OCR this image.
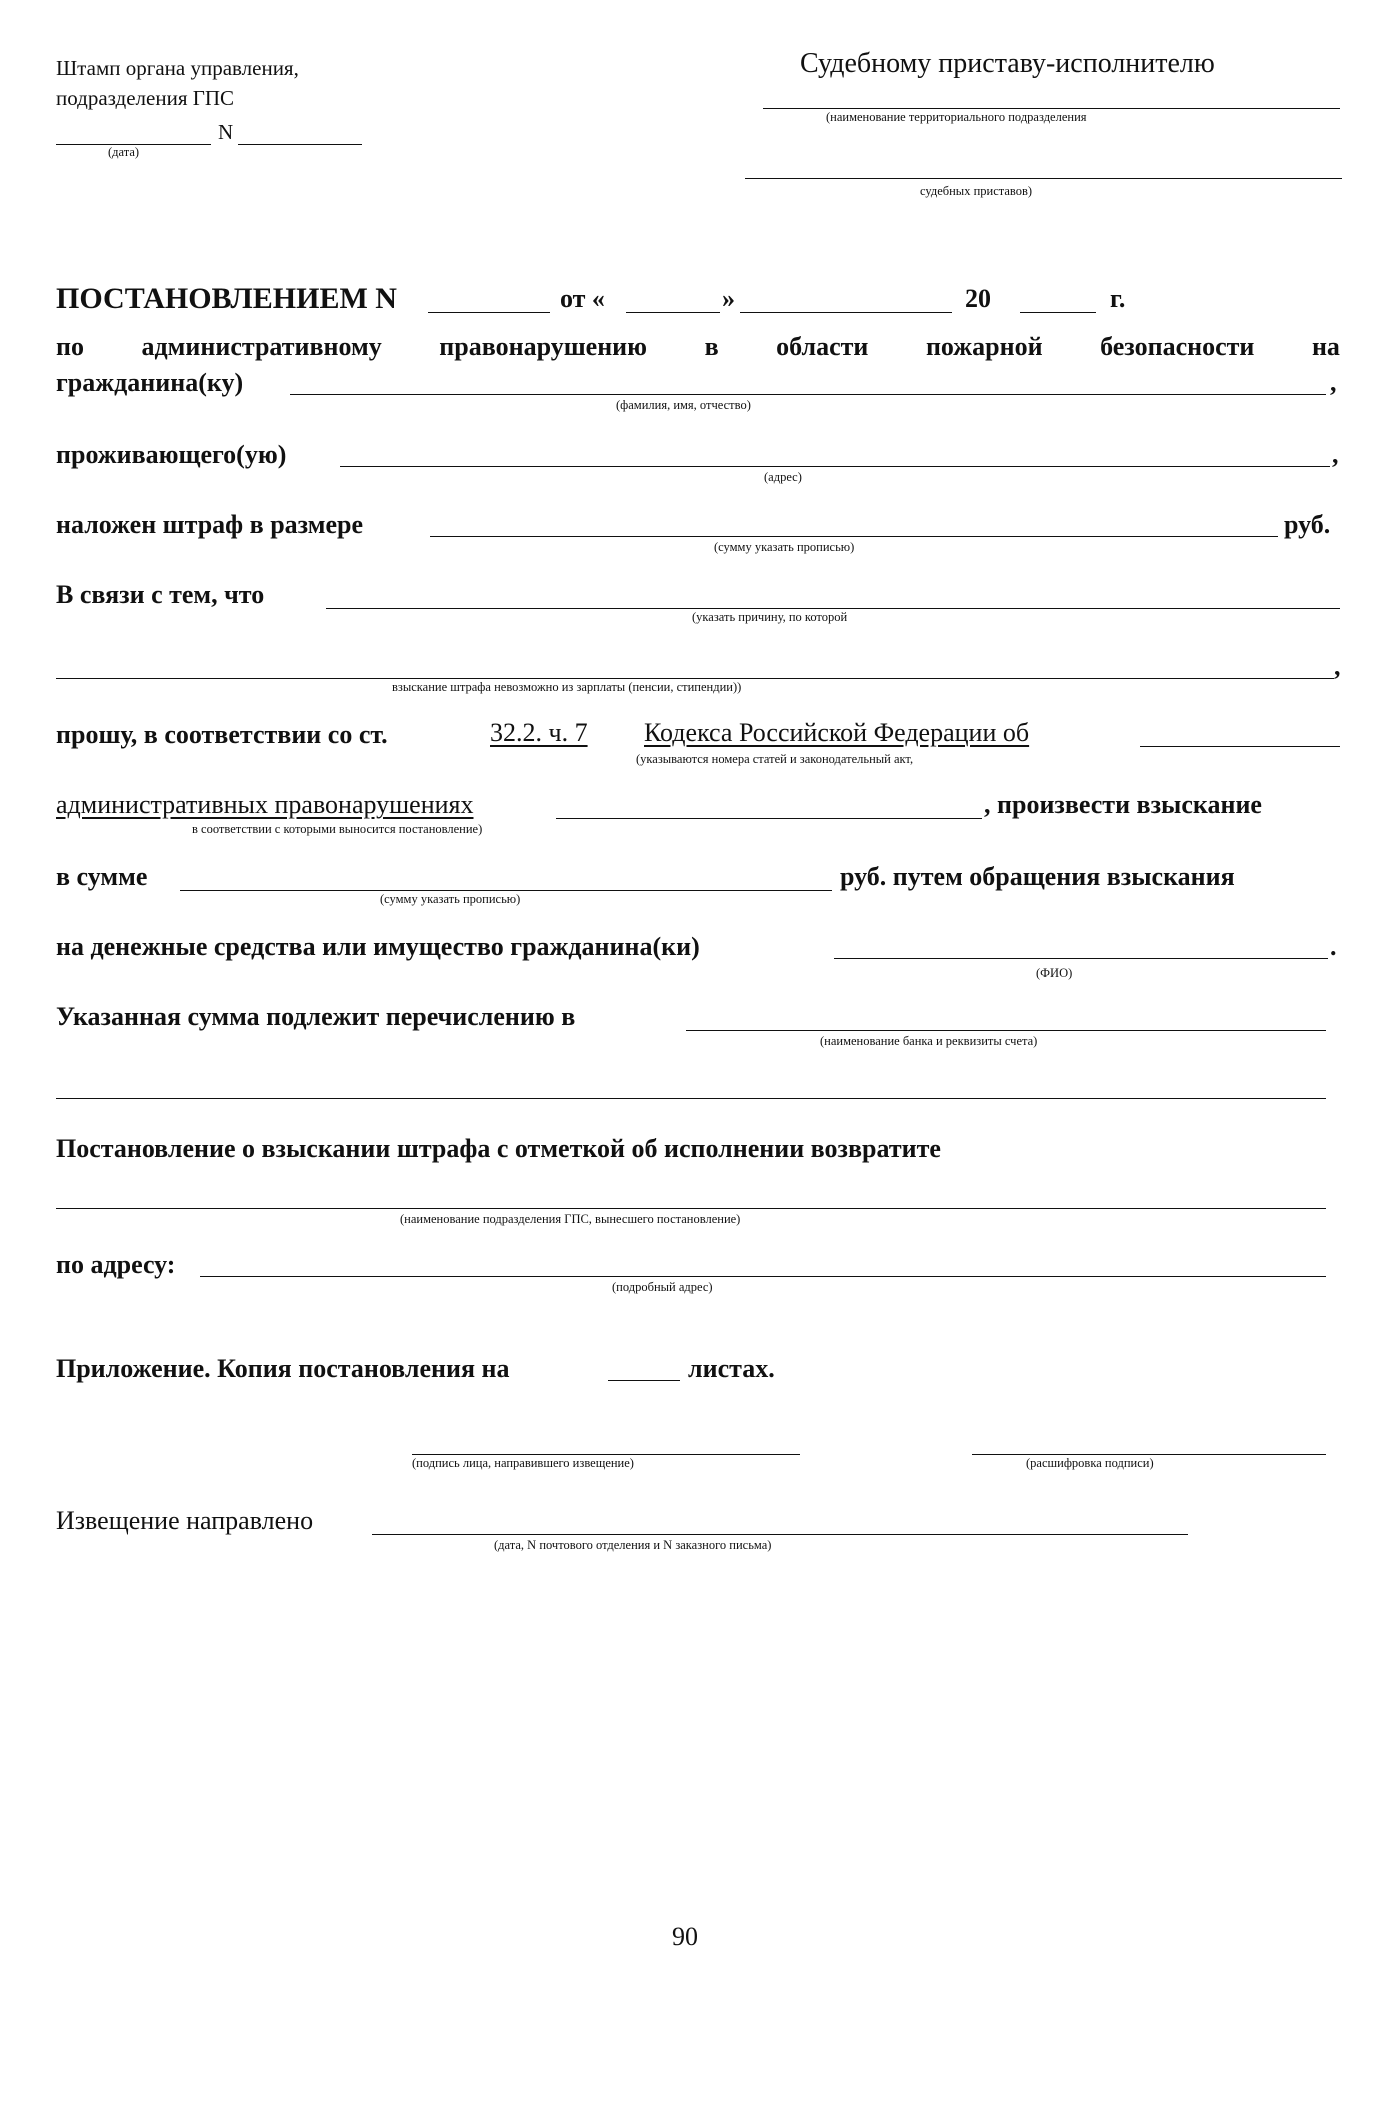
Штамп органа управления,
подразделения ГПС
N
(дата)
Судебному приставу-исполнителю
(наименование территориального подразделения
судебных приставов)
ПОСТАНОВЛЕНИЕМ N	от «	»	20	г.
по административному правонарушению в области пожарной безопасности на
гражданина(ку)	,
(фамилия, имя, отчество)
проживающего(ую)	,
(адрес)
наложен штраф в размере	руб.
(сумму указать прописью)
В связи с тем, что
(указать причину, по которой
,
взыскание штрафа невозможно из зарплаты (пенсии, стипендии))
прошу, в соответствии со ст.	32.2. ч. 7 Кодекса Российской Федерации об
(указываются номера статей и законодательный акт,
административных правонарушениях	, произвести взыскание
в соответствии с которыми выносится постановление)
в сумме	руб. путем обращения взыскания
(сумму указать прописью)
на денежные средства или имущество гражданина(ки)	.
(ФИО)
Указанная сумма подлежит перечислению в
(наименование банка и реквизиты счета)
Постановление о взыскании штрафа с отметкой об исполнении возвратите
(наименование подразделения ГПС, вынесшего постановление)
по адресу:
(подробный адрес)
Приложение. Копия постановления на	листах.
(подпись лица, направившего извещение)	(расшифровка подписи)
Извещение направлено
(дата, N почтового отделения и N заказного письма)
90
